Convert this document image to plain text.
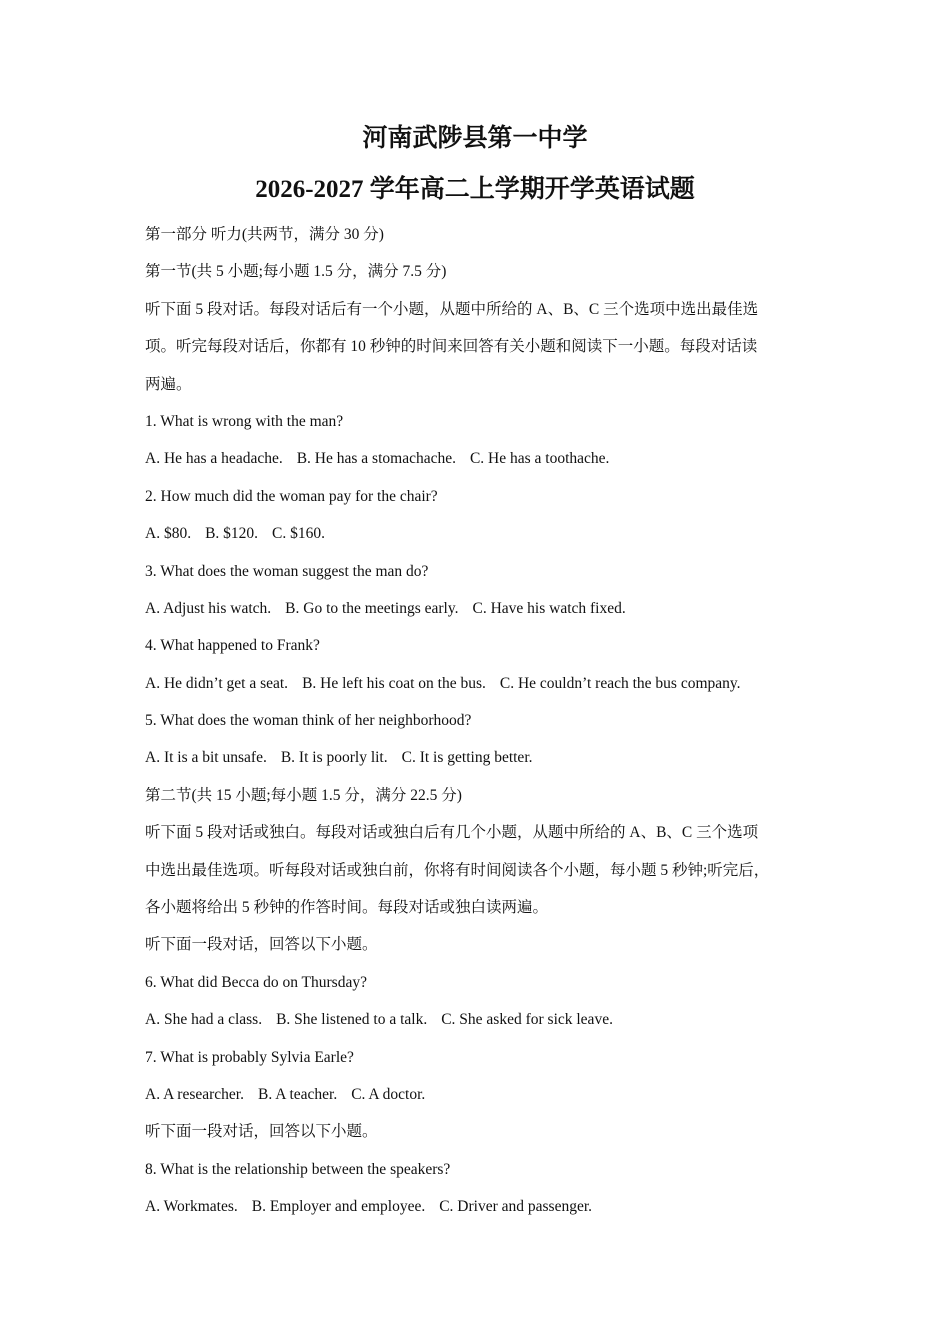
河南武陟县第一中学
2026-2027 学年高二上学期开学英语试题
第一部分 听力(共两节，满分 30 分)
第一节(共 5 小题;每小题 1.5 分，满分 7.5 分)
听下面 5 段对话。每段对话后有一个小题，从题中所给的 A、B、C 三个选项中选出最佳选
项。听完每段对话后，你都有 10 秒钟的时间来回答有关小题和阅读下一小题。每段对话读
两遍。
1. What is wrong with the man?
A. He has a headache. B. He has a stomachache. C. He has a toothache.
2. How much did the woman pay for the chair?
A. $80. B. $120. C. $160.
3. What does the woman suggest the man do?
A. Adjust his watch. B. Go to the meetings early. C. Have his watch fixed.
4. What happened to Frank?
A. He didn’t get a seat. B. He left his coat on the bus. C. He couldn’t reach the bus company.
5. What does the woman think of her neighborhood?
A. It is a bit unsafe. B. It is poorly lit. C. It is getting better.
第二节(共 15 小题;每小题 1.5 分，满分 22.5 分)
听下面 5 段对话或独白。每段对话或独白后有几个小题，从题中所给的 A、B、C 三个选项
中选出最佳选项。听每段对话或独白前，你将有时间阅读各个小题，每小题 5 秒钟;听完后，
各小题将给出 5 秒钟的作答时间。每段对话或独白读两遍。
听下面一段对话，回答以下小题。
6. What did Becca do on Thursday?
A. She had a class. B. She listened to a talk. C. She asked for sick leave.
7. What is probably Sylvia Earle?
A. A researcher. B. A teacher. C. A doctor.
听下面一段对话，回答以下小题。
8. What is the relationship between the speakers?
A. Workmates. B. Employer and employee. C. Driver and passenger.
